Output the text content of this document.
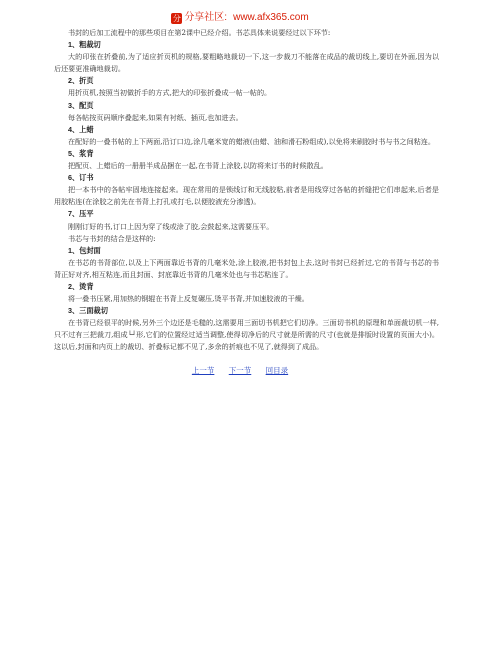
分 分享社区: www.afx365.com

书封的后加工流程中的那些项目在第2课中已经介绍。书芯具体来说要经过以下环节:

1、粗裁切

大的印张在折叠前,为了适应折页机的规格,要粗略地裁切一下,这一步裁刀不能落在成品的裁切线上,要切在外面,因为以后还要更准确地裁切。

2、折页

用折页机,按照当初做折手的方式,把大的印张折叠成一帖一帖的。

3、配页

每各帖按页码顺序叠起来,如果有衬纸、插页,也加进去。

4、上蜡

在配好的一叠书帖的上下两面,沿订口边,涂几毫米宽的蜡液(由蜡、油和滑石粉组成),以免将来刷胶时书与书之间粘连。

5、浆背

把配页、上蜡后的一册册半成品捆在一起,在书背上涂胶,以防将来订书的时候散乱。

6、订书

把一本书中的各帖牢固地连接起来。现在常用的是锁线订和无线胶粘,前者是用线穿过各帖的折缝把它们串起来,后者是用胶粘连(在涂胶之前先在书背上打孔或打毛,以便胶液充分渗透)。

7、压平

刚刚订好的书,订口上因为穿了线或涂了胶,会鼓起来,这需要压平。

书芯与书封的结合是这样的:

1、包封面

在书芯的书背部位,以及上下两面靠近书背的几毫米处,涂上胶液,把书封包上去,这时书封已经折过,它的书背与书芯的书背正好对齐,相互粘连,而且封面、封底靠近书背的几毫米处也与书芯粘连了。

2、烫背

将一叠书压紧,用加热的钢辊在书背上反复碾压,烫平书背,并加速胶液的干燥。

3、三面裁切

在书背已经很平的时候,另外三个边还是毛糙的,这需要用三面切书机把它们切净。三面切书机的原理和单面裁切机一样,只不过有三把裁刀,组成└┘形,它们的位置经过适当调整,使得切净后的尺寸就是所需的尺寸(也就是排版时设置的页面大小)。这以后,封面和内页上的裁切、折叠标记都不见了,多余的折痕也不见了,就得到了成品。

上一节 下一节 回目录
